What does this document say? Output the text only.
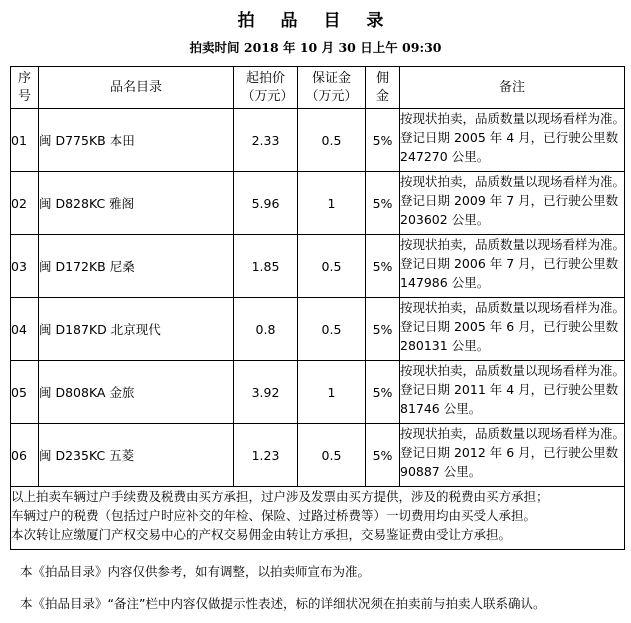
拍 品 目 录
拍卖时间 2018 年 10 月 30 日上午 09:30
序号	品名目录	起拍价（万元）	保证金（万元）	佣金	备注
01	闽 D775KB 本田	2.33	0.5	5%	按现状拍卖，品质数量以现场看样为准。
登记日期 2005 年 4 月，已行驶公里数
247270 公里。

02	闽 D828KC 雅阁	5.96	1	5%	按现状拍卖，品质数量以现场看样为准。
登记日期 2009 年 7 月，已行驶公里数
203602 公里。

03	闽 D172KB 尼桑	1.85	0.5	5%	按现状拍卖，品质数量以现场看样为准。
登记日期 2006 年 7 月，已行驶公里数
147986 公里。

04	闽 D187KD 北京现代	0.8	0.5	5%	按现状拍卖，品质数量以现场看样为准。
登记日期 2005 年 6 月，已行驶公里数
280131 公里。

05	闽 D808KA 金旅	3.92	1	5%	按现状拍卖，品质数量以现场看样为准。
登记日期 2011 年 4 月，已行驶公里数
81746 公里。

06	闽 D235KC 五菱	1.23	0.5	5%	按现状拍卖，品质数量以现场看样为准。
登记日期 2012 年 6 月，已行驶公里数
90887 公里。

以上拍卖车辆过户手续费及税费由买方承担，过户涉及发票由买方提供，涉及的税费由买方承担；
车辆过户的税费（包括过户时应补交的年检、保险、过路过桥费等）一切费用均由买受人承担。
本次转让应缴厦门产权交易中心的产权交易佣金由转让方承担，交易鉴证费由受让方承担。					
本《拍品目录》内容仅供参考，如有调整，以拍卖师宣布为准。
本《拍品目录》“备注”栏中内容仅做提示性表述，标的详细状况须在拍卖前与拍卖人联系确认。
